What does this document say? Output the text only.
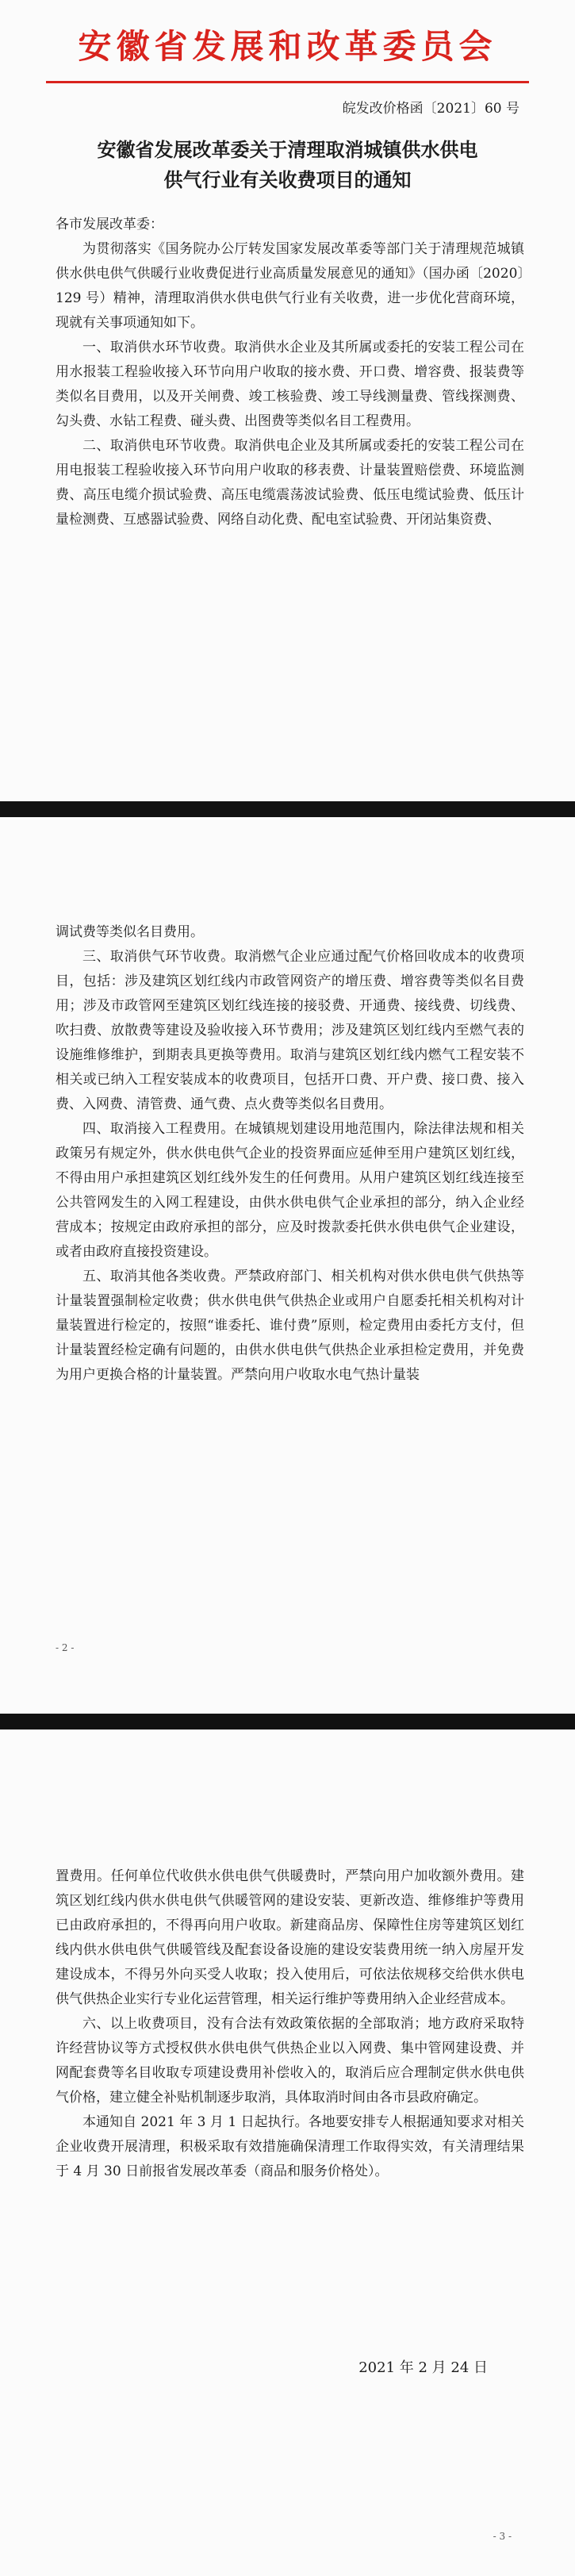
安徽省发展和改革委员会
皖发改价格函〔2021〕60 号
安徽省发展改革委关于清理取消城镇供水供电
供气行业有关收费项目的通知

各市发展改革委：

为贯彻落实《国务院办公厅转发国家发展改革委等部门关于清理规范城镇供水供电供气供暖行业收费促进行业高质量发展意见的通知》（国办函〔2020〕129 号）精神，清理取消供水供电供气行业有关收费，进一步优化营商环境，现就有关事项通知如下。

一、取消供水环节收费。取消供水企业及其所属或委托的安装工程公司在用水报装工程验收接入环节向用户收取的接水费、开口费、增容费、报装费等类似名目费用，以及开关闸费、竣工核验费、竣工导线测量费、管线探测费、勾头费、水钻工程费、碰头费、出图费等类似名目工程费用。

二、取消供电环节收费。取消供电企业及其所属或委托的安装工程公司在用电报装工程验收接入环节向用户收取的移表费、计量装置赔偿费、环境监测费、高压电缆介损试验费、高压电缆震荡波试验费、低压电缆试验费、低压计量检测费、互感器试验费、网络自动化费、配电室试验费、开闭站集资费、

调试费等类似名目费用。

三、取消供气环节收费。取消燃气企业应通过配气价格回收成本的收费项目，包括：涉及建筑区划红线内市政管网资产的增压费、增容费等类似名目费用；涉及市政管网至建筑区划红线连接的接驳费、开通费、接线费、切线费、吹扫费、放散费等建设及验收接入环节费用；涉及建筑区划红线内至燃气表的设施维修维护，到期表具更换等费用。取消与建筑区划红线内燃气工程安装不相关或已纳入工程安装成本的收费项目，包括开口费、开户费、接口费、接入费、入网费、清管费、通气费、点火费等类似名目费用。

四、取消接入工程费用。在城镇规划建设用地范围内，除法律法规和相关政策另有规定外，供水供电供气企业的投资界面应延伸至用户建筑区划红线，不得由用户承担建筑区划红线外发生的任何费用。从用户建筑区划红线连接至公共管网发生的入网工程建设，由供水供电供气企业承担的部分，纳入企业经营成本；按规定由政府承担的部分，应及时拨款委托供水供电供气企业建设，或者由政府直接投资建设。

五、取消其他各类收费。严禁政府部门、相关机构对供水供电供气供热等计量装置强制检定收费；供水供电供气供热企业或用户自愿委托相关机构对计量装置进行检定的，按照“谁委托、谁付费”原则，检定费用由委托方支付，但计量装置经检定确有问题的，由供水供电供气供热企业承担检定费用，并免费为用户更换合格的计量装置。严禁向用户收取水电气热计量装

- 2 -

置费用。任何单位代收供水供电供气供暖费时，严禁向用户加收额外费用。建筑区划红线内供水供电供气供暖管网的建设安装、更新改造、维修维护等费用已由政府承担的，不得再向用户收取。新建商品房、保障性住房等建筑区划红线内供水供电供气供暖管线及配套设备设施的建设安装费用统一纳入房屋开发建设成本，不得另外向买受人收取；投入使用后，可依法依规移交给供水供电供气供热企业实行专业化运营管理，相关运行维护等费用纳入企业经营成本。

六、以上收费项目，没有合法有效政策依据的全部取消；地方政府采取特许经营协议等方式授权供水供电供气供热企业以入网费、集中管网建设费、并网配套费等名目收取专项建设费用补偿收入的，取消后应合理制定供水供电供气价格，建立健全补贴机制逐步取消，具体取消时间由各市县政府确定。

本通知自 2021 年 3 月 1 日起执行。各地要安排专人根据通知要求对相关企业收费开展清理，积极采取有效措施确保清理工作取得实效，有关清理结果于 4 月 30 日前报省发展改革委（商品和服务价格处）。

2021 年 2 月 24 日
- 3 -
